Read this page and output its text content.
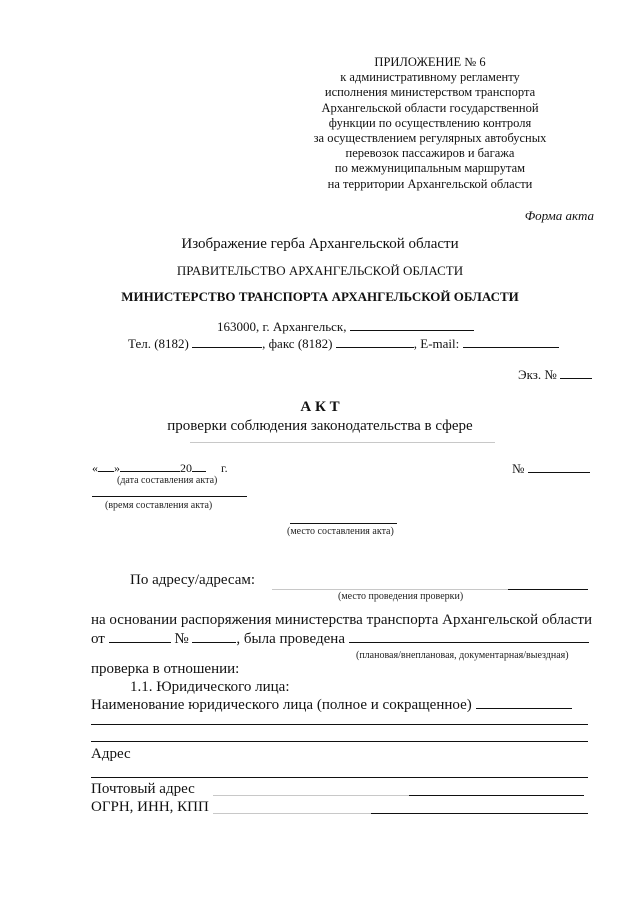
ПРИЛОЖЕНИЕ № 6
к административному регламенту
исполнения министерством транспорта
Архангельской области государственной
функции по осуществлению контроля
за осуществлением регулярных автобусных
перевозок пассажиров и багажа
по межмуниципальным маршрутам
на территории Архангельской области
Форма акта
Изображение герба Архангельской области
ПРАВИТЕЛЬСТВО АРХАНГЕЛЬСКОЙ ОБЛАСТИ
МИНИСТЕРСТВО ТРАНСПОРТА АРХАНГЕЛЬСКОЙ ОБЛАСТИ
163000, г. Архангельск,
Тел. (8182)	, факс (8182)	, E-mail:
Экз. №
А К Т
проверки соблюдения законодательства в сфере
« »	20 г.
(дата составления акта)
№
(время составления акта)
(место составления акта)
По адресу/адресам:
(место проведения проверки)
на основании распоряжения министерства транспорта Архангельской области
от	№	, была проведена
(плановая/внеплановая, документарная/выездная)
проверка в отношении:
1.1. Юридического лица:
Наименование юридического лица (полное и сокращенное)
Адрес
Почтовый адрес
ОГРН, ИНН, КПП
